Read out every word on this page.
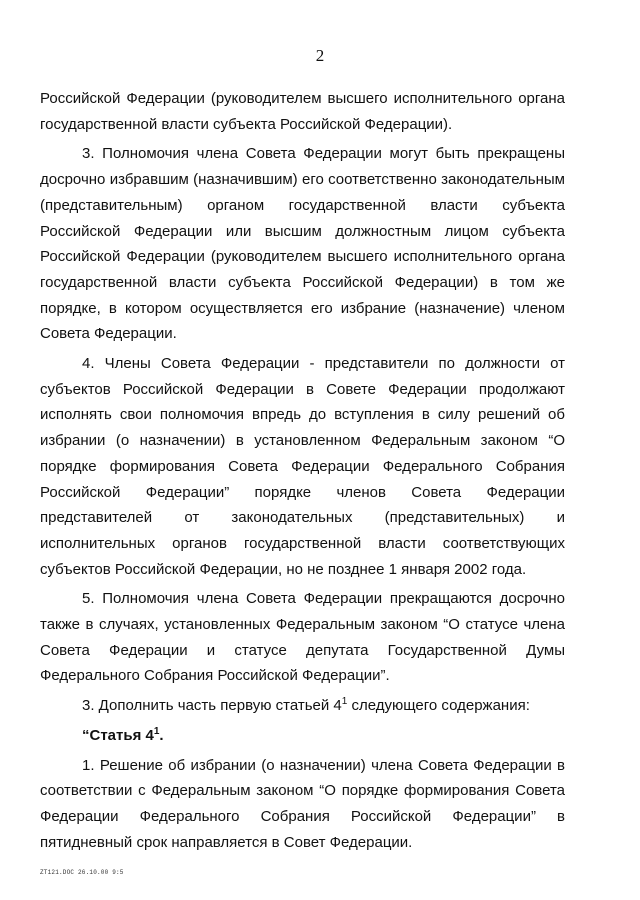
2

Российской Федерации (руководителем высшего исполнительного органа государственной власти субъекта Российской Федерации).

3. Полномочия члена Совета Федерации могут быть прекращены досрочно избравшим (назначившим) его соответственно законодательным (представительным) органом государственной власти субъекта Российской Федерации или высшим должностным лицом субъекта Российской Федерации (руководителем высшего исполнительного органа государственной власти субъекта Российской Федерации) в том же порядке, в котором осуществляется его избрание (назначение) членом Совета Федерации.

4. Члены Совета Федерации - представители по должности от субъектов Российской Федерации в Совете Федерации продолжают исполнять свои полномочия впредь до вступления в силу решений об избрании (о назначении) в установленном Федеральным законом “О порядке формирования Совета Федерации Федерального Собрания Российской Федерации” порядке членов Совета Федерации представителей от законодательных (представительных) и исполнительных органов государственной власти соответствующих субъектов Российской Федерации, но не позднее 1 января 2002 года.

5. Полномочия члена Совета Федерации прекращаются досрочно также в случаях, установленных Федеральным законом “О статусе члена Совета Федерации и статусе депутата Государственной Думы Федерального Собрания Российской Федерации”.

3. Дополнить часть первую статьей $4^1$ следующего содержания:

“Статья $4^1$.

1. Решение об избрании (о назначении) члена Совета Федерации в соответствии с Федеральным законом “О порядке формирования Совета Федерации Федерального Собрания Российской Федерации” в пятидневный срок направляется в Совет Федерации.

ZT121.DOC 26.10.00 9:5
